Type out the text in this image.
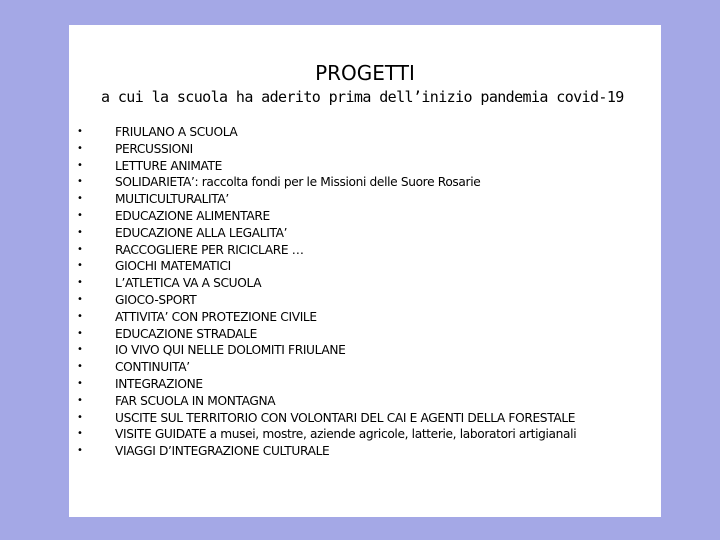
PROGETTI
a cui la scuola ha aderito prima dell’inizio pandemia covid-19
•	FRIULANO A SCUOLA
•	PERCUSSIONI
•	LETTURE ANIMATE
•	SOLIDARIETA’: raccolta fondi per le Missioni delle Suore Rosarie
•	MULTICULTURALITA’
•	EDUCAZIONE ALIMENTARE
•	EDUCAZIONE ALLA LEGALITA’
•	RACCOGLIERE PER RICICLARE …
•	GIOCHI MATEMATICI
•	L’ATLETICA VA A SCUOLA
•	GIOCO-SPORT
•	ATTIVITA’ CON PROTEZIONE CIVILE
•	EDUCAZIONE STRADALE
•	IO VIVO QUI NELLE DOLOMITI FRIULANE
•	CONTINUITA’
•	INTEGRAZIONE
•	FAR SCUOLA IN MONTAGNA
•	USCITE SUL TERRITORIO CON VOLONTARI DEL CAI E AGENTI DELLA FORESTALE
•	VISITE GUIDATE a musei, mostre, aziende agricole, latterie, laboratori artigianali
•	VIAGGI D’INTEGRAZIONE CULTURALE
